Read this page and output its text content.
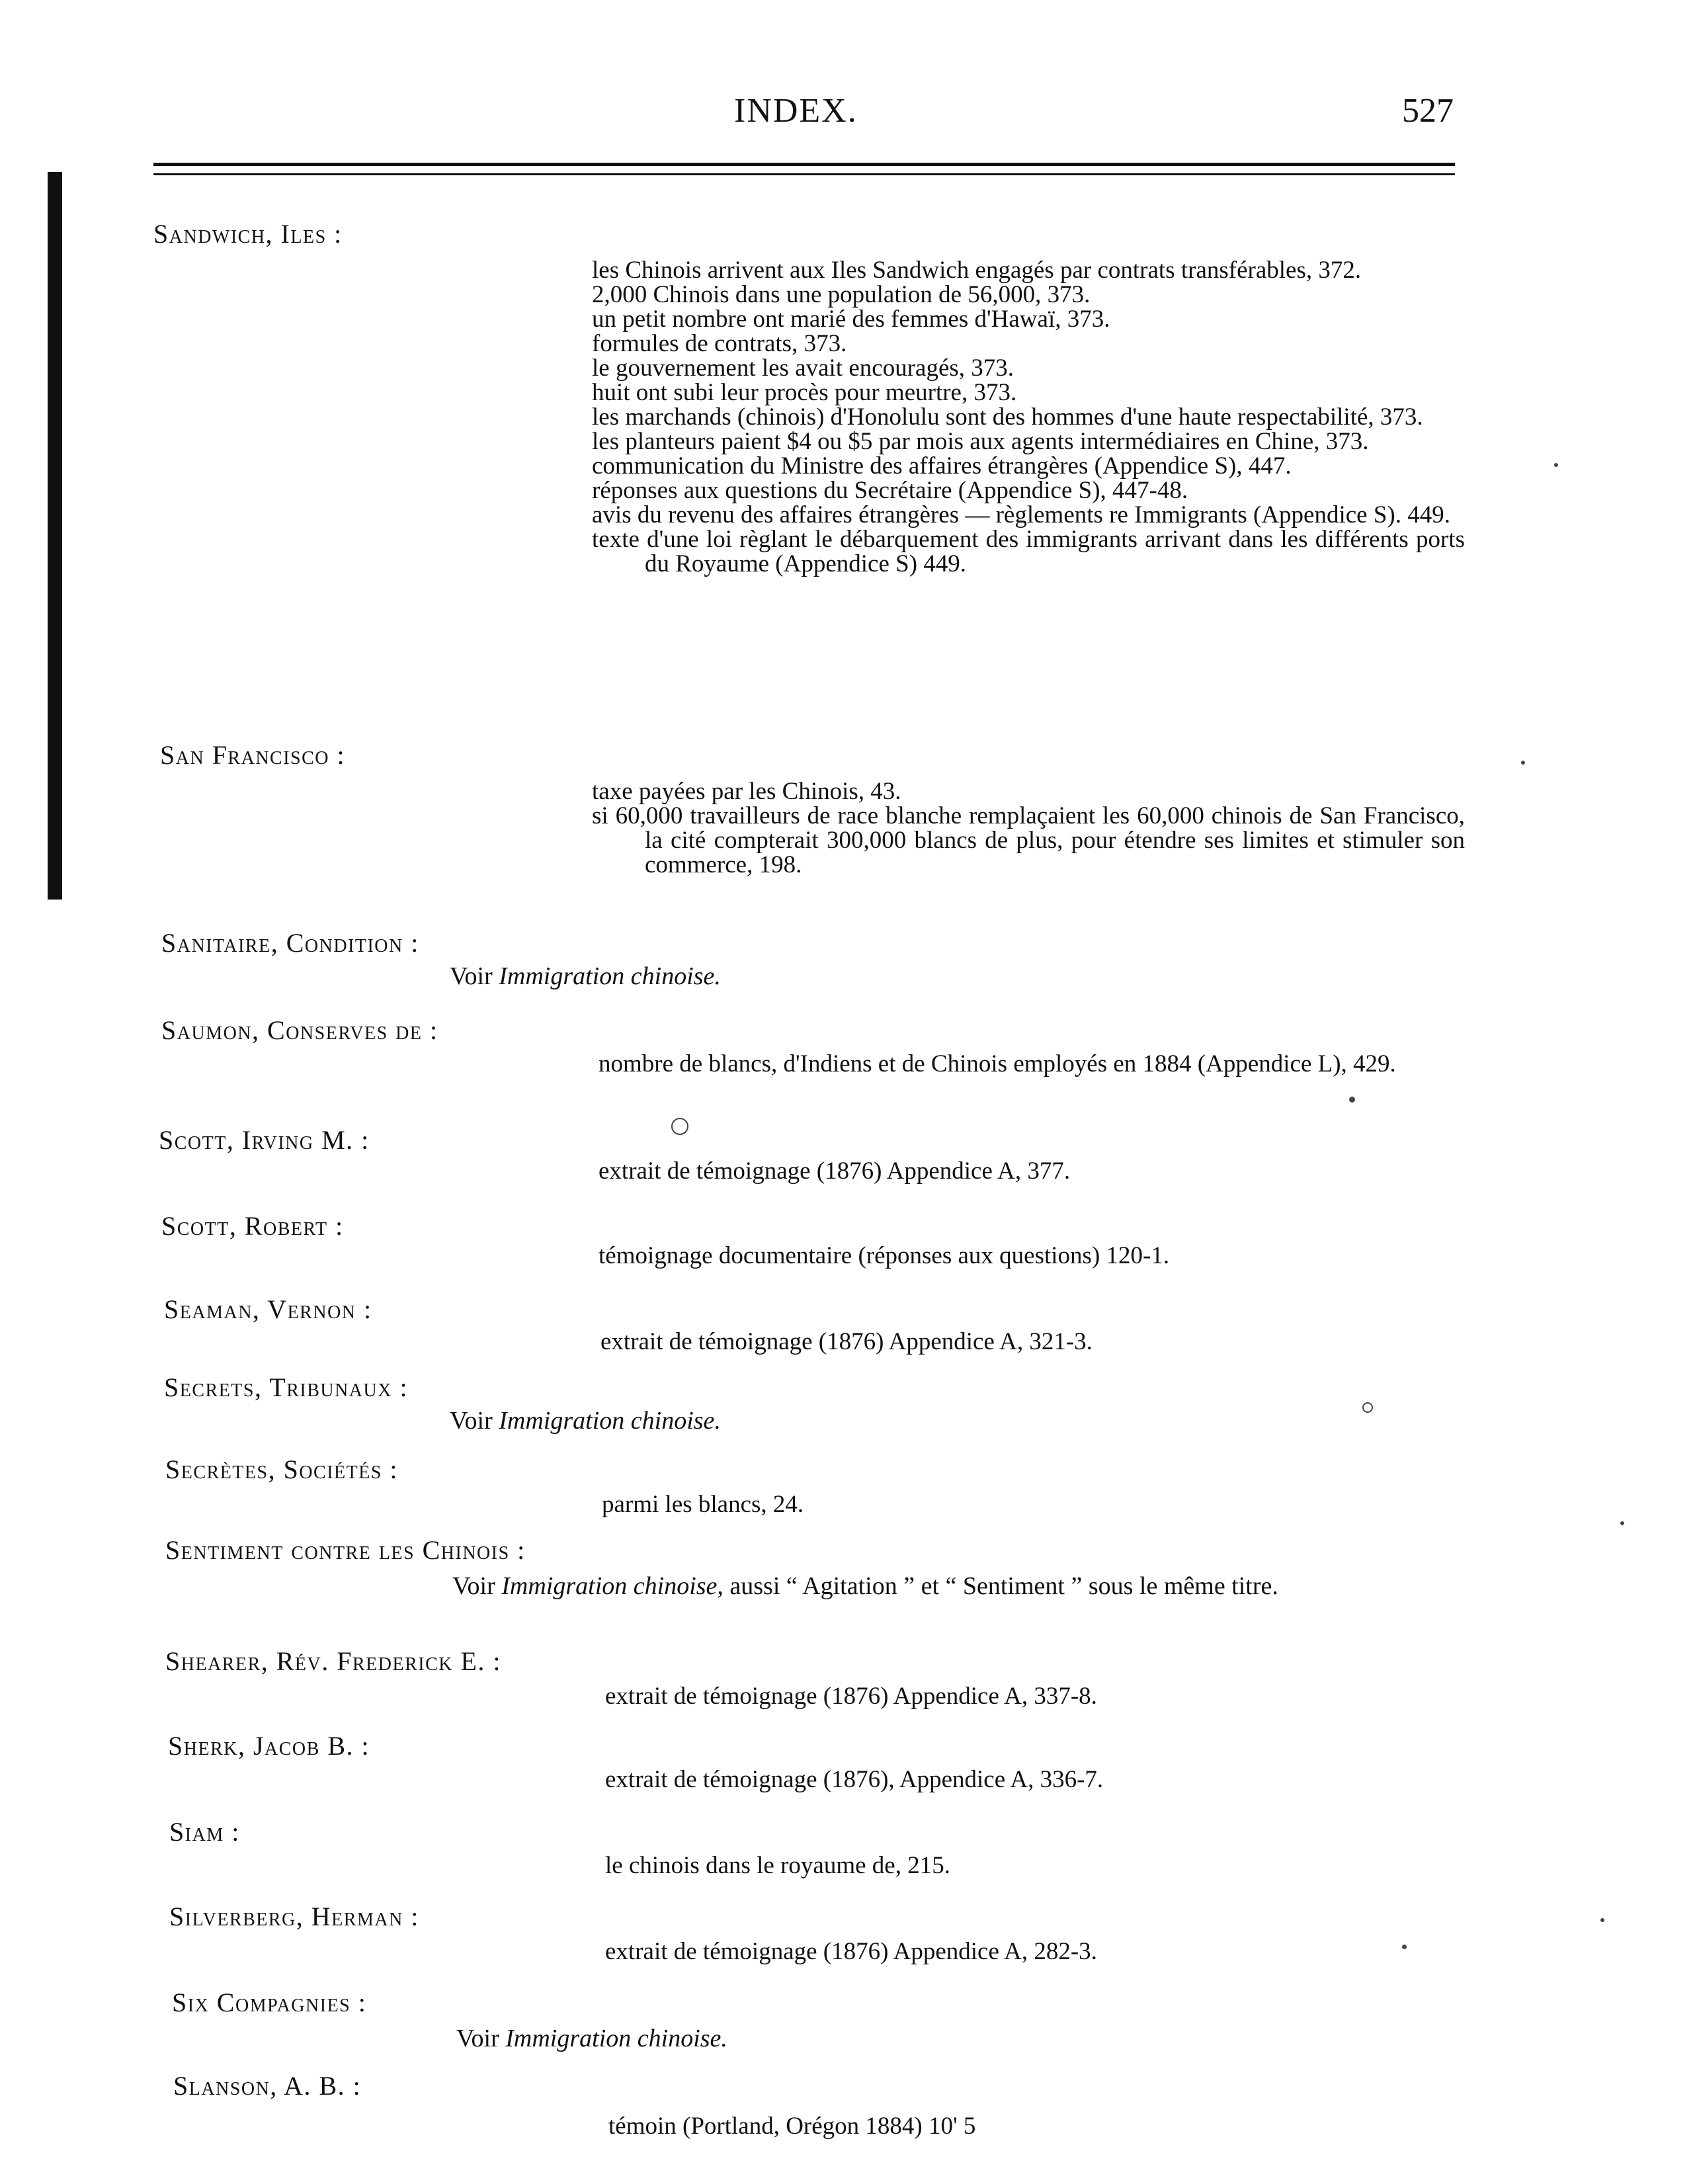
INDEX.	527
Sandwich, Iles :

les Chinois arrivent aux Iles Sandwich engagés par contrats transférables, 372.

2,000 Chinois dans une population de 56,000, 373.

un petit nombre ont marié des femmes d'Hawaï, 373.

formules de contrats, 373.

le gouvernement les avait encouragés, 373.

huit ont subi leur procès pour meurtre, 373.

les marchands (chinois) d'Honolulu sont des hommes d'une haute respectabilité, 373.

les planteurs paient $4 ou $5 par mois aux agents intermédiaires en Chine, 373.

communication du Ministre des affaires étrangères (Appendice S), 447.

réponses aux questions du Secrétaire (Appendice S), 447-48.

avis du revenu des affaires étrangères — règlements re Immigrants (Appendice S). 449.

texte d'une loi règlant le débarquement des immigrants arrivant dans les différents ports du Royaume (Appendice S) 449.

San Francisco :

taxe payées par les Chinois, 43.

si 60,000 travailleurs de race blanche remplaçaient les 60,000 chinois de San Francisco, la cité compterait 300,000 blancs de plus, pour étendre ses limites et stimuler son commerce, 198.

Sanitaire, Condition :

Voir Immigration chinoise.

Saumon, Conserves de :

nombre de blancs, d'Indiens et de Chinois employés en 1884 (Appendice L), 429.

Scott, Irving M. :

extrait de témoignage (1876) Appendice A, 377.

Scott, Robert :

témoignage documentaire (réponses aux questions) 120-1.

Seaman, Vernon :

extrait de témoignage (1876) Appendice A, 321-3.

Secrets, Tribunaux :

Voir Immigration chinoise.

Secrètes, Sociétés :

parmi les blancs, 24.

Sentiment contre les Chinois :

Voir Immigration chinoise, aussi “ Agitation ” et “ Sentiment ” sous le même titre.

Shearer, Rév. Frederick E. :

extrait de témoignage (1876) Appendice A, 337-8.

Sherk, Jacob B. :

extrait de témoignage (1876), Appendice A, 336-7.

Siam :

le chinois dans le royaume de, 215.

Silverberg, Herman :

extrait de témoignage (1876) Appendice A, 282-3.

Six Compagnies :

Voir Immigration chinoise.

Slanson, A. B. :

témoin (Portland, Orégon 1884) 10' 5
